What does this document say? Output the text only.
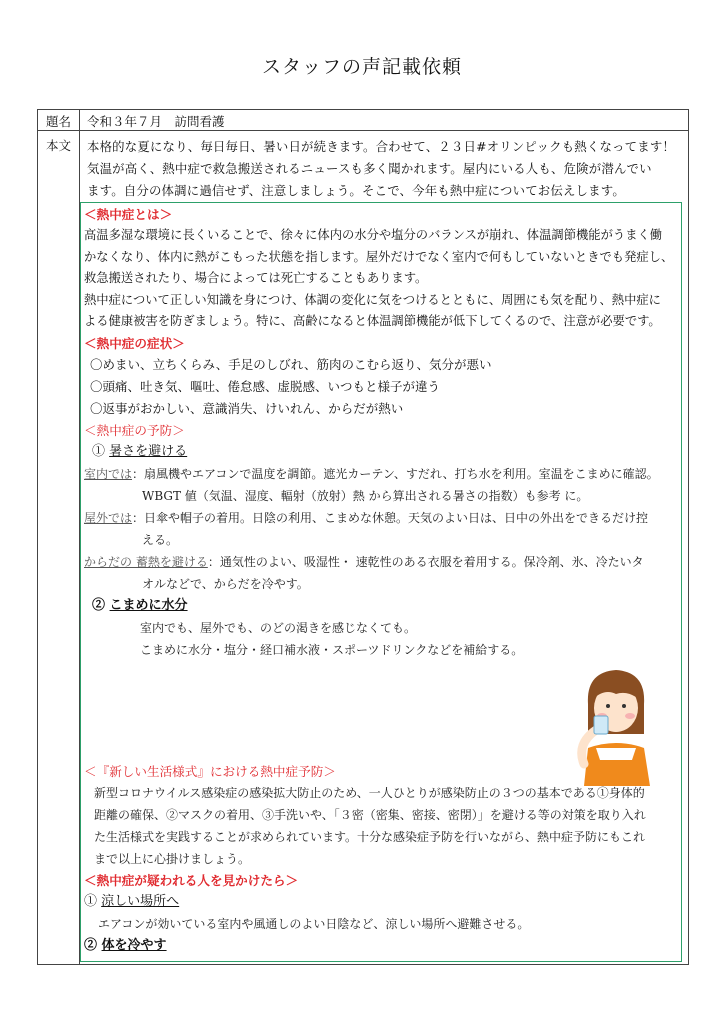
スタッフの声記載依頼
題名	令和３年７月　訪問看護
本文	本格的な夏になり、毎日毎日、暑い日が続きます。合わせて、２３日#オリンピックも熱くなってます！

気温が高く、熱中症で救急搬送されるニュースも多く聞かれます。屋内にいる人も、危険が潜んでい

ます。自分の体調に過信せず、注意しましょう。そこで、今年も熱中症についてお伝えします。

＜熱中症とは＞

高温多湿な環境に長くいることで、徐々に体内の水分や塩分のバランスが崩れ、体温調節機能がうまく働

かなくなり、体内に熱がこもった状態を指します。屋外だけでなく室内で何もしていないときでも発症し、

救急搬送されたり、場合によっては死亡することもあります。

熱中症について正しい知識を身につけ、体調の変化に気をつけるとともに、周囲にも気を配り、熱中症に

よる健康被害を防ぎましょう。特に、高齢になると体温調節機能が低下してくるので、注意が必要です。

＜熱中症の症状＞

〇めまい、立ちくらみ、手足のしびれ、筋肉のこむら返り、気分が悪い

〇頭痛、吐き気、嘔吐、倦怠感、虚脱感、いつもと様子が違う

〇返事がおかしい、意識消失、けいれん、からだが熱い

＜熱中症の予防＞

① 暑さを避ける

室内では：扇風機やエアコンで温度を調節。遮光カーテン、すだれ、打ち水を利用。室温をこまめに確認。

WBGT 値（気温、湿度、輻射（放射）熱 から算出される暑さの指数）も参考 に。

屋外では：日傘や帽子の着用。日陰の利用、こまめな休憩。天気のよい日は、日中の外出をできるだけ控

える。

からだの 蓄熱を避ける：通気性のよい、吸湿性・ 速乾性のある衣服を着用する。保冷剤、氷、冷たいタ

オルなどで、からだを冷やす。

② こまめに水分

室内でも、屋外でも、のどの渇きを感じなくても。

こまめに水分・塩分・経口補水液・スポーツドリンクなどを補給する。

＜『新しい生活様式』における熱中症予防＞

新型コロナウイルス感染症の感染拡大防止のため、一人ひとりが感染防止の３つの基本である①身体的

距離の確保、②マスクの着用、③手洗いや、「３密（密集、密接、密閉）」を避ける等の対策を取り入れ

た生活様式を実践することが求められています。十分な感染症予防を行いながら、熱中症予防にもこれ

まで以上に心掛けましょう。

＜熱中症が疑われる人を見かけたら＞

① 涼しい場所へ

エアコンが効いている室内や風通しのよい日陰など、涼しい場所へ避難させる。

② 体を冷やす
